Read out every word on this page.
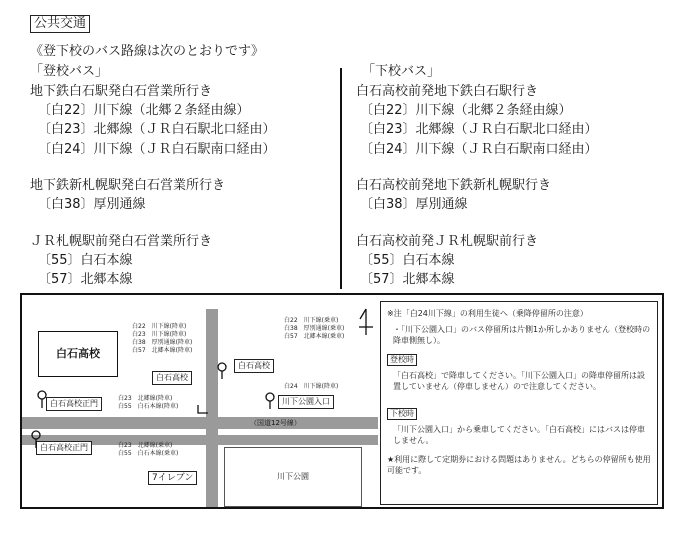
公共交通
《登下校のバス路線は次のとおりです》
「登校バス」
地下鉄白石駅発白石営業所行き
〔白22〕川下線（北郷２条経由線）
〔白23〕北郷線（ＪＲ白石駅北口経由）
〔白24〕川下線（ＪＲ白石駅南口経由）
地下鉄新札幌駅発白石営業所行き
〔白38〕厚別通線
ＪＲ札幌駅前発白石営業所行き
〔55〕白石本線
〔57〕北郷本線
「下校バス」
白石高校前発地下鉄白石駅行き
〔白22〕川下線（北郷２条経由線）
〔白23〕北郷線（ＪＲ白石駅北口経由）
〔白24〕川下線（ＪＲ白石駅南口経由）
白石高校前発地下鉄新札幌駅行き
〔白38〕厚別通線
白石高校前発ＪＲ札幌駅前行き
〔55〕白石本線
〔57〕北郷本線
（国道12号線）
白石高校
白22　川下線(降車)
白23　川下線(降車)
白38　厚別通線(降車)
白57　北郷本線(降車)
白22　川下線(乗車)
白38　厚別通線(乗車)
白57　北郷本線(乗車)
白24　川下線(降車)
白23　北郷線(降車)
白55　白石本線(降車)
白23　北郷線(乗車)
白55　白石本線(乗車)
白石高校
白石高校
白石高校正門
白石高校正門
川下公園入口
7イレブン	川下公園
※注「白24川下線」の利用生徒へ（乗降停留所の注意）
・「川下公園入口」のバス停留所は片側1か所しかありません（登校時の降車側無し）。
登校時
「白石高校」で降車してください。「川下公園入口」の降車停留所は設置していません（停車しません）ので注意してください。
下校時
「川下公園入口」から乗車してください。「白石高校」にはバスは停車しません。
★利用に際して定期券における問題はありません。どちらの停留所も使用可能です。
